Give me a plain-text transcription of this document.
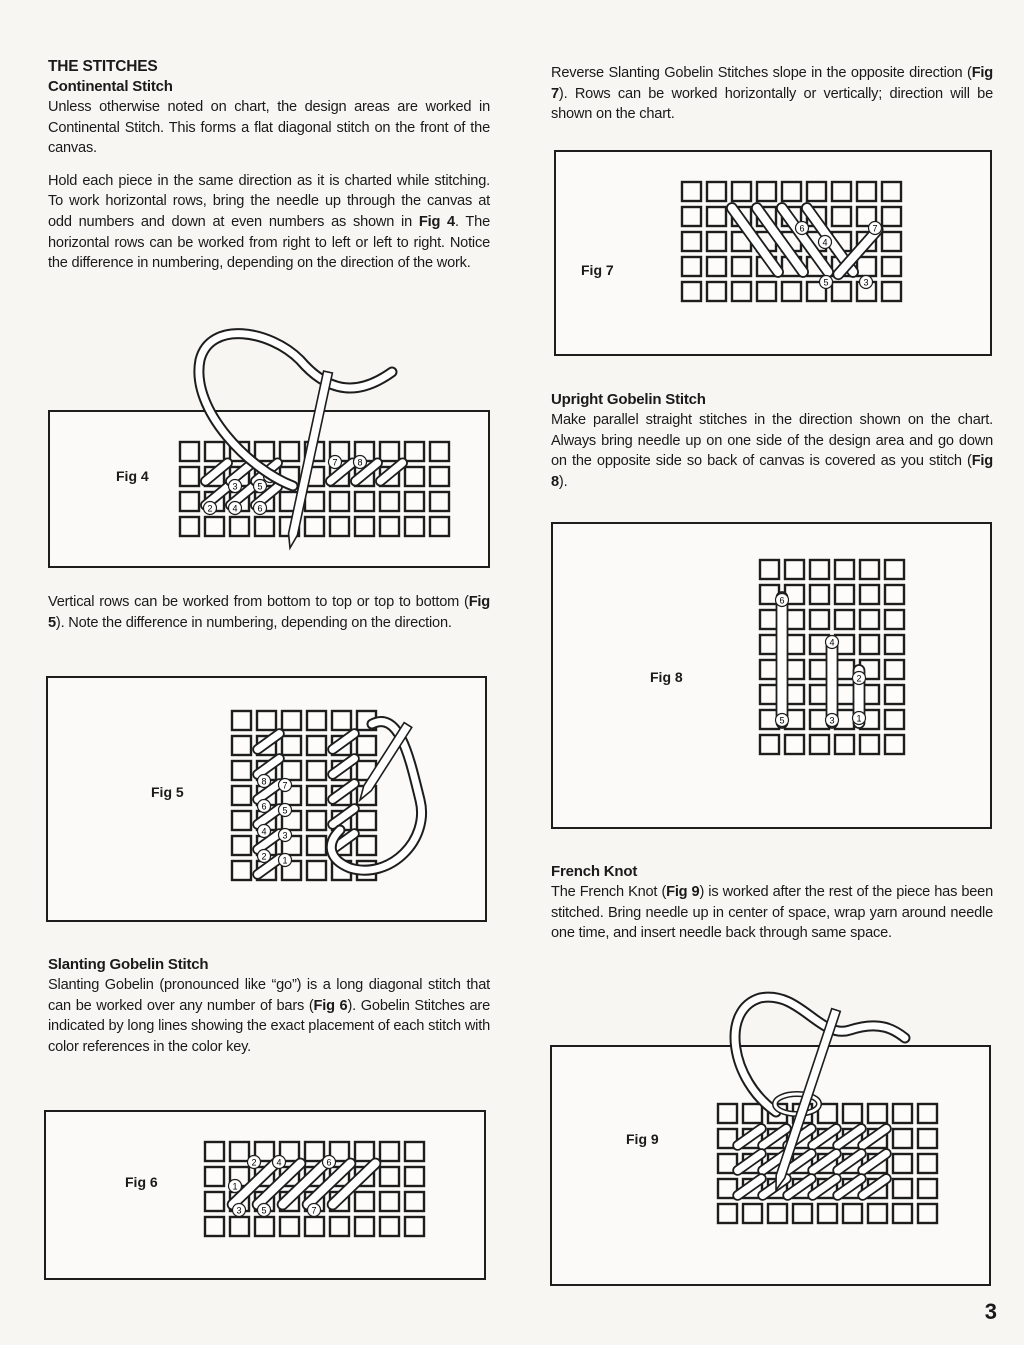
THE STITCHES
Continental Stitch

Unless otherwise noted on chart, the design areas are worked in Continental Stitch. This forms a flat diagonal stitch on the front of the canvas.

Hold each piece in the same direction as it is charted while stitching. To work horizontal rows, bring the needle up through the canvas at odd numbers and down at even numbers as shown in Fig 4. The horizontal rows can be worked from right to left or left to right. Notice the difference in numbering, depending on the direction of the work.

Fig 4

Vertical rows can be worked from bottom to top or top to bottom (Fig 5). Note the difference in numbering, depending on the direction.

Fig 5
Slanting Gobelin Stitch

Slanting Gobelin (pronounced like “go”) is a long diagonal stitch that can be worked over any number of bars (Fig 6). Gobelin Stitches are indicated by long lines showing the exact placement of each stitch with color references in the color key.

Fig 6

Reverse Slanting Gobelin Stitches slope in the opposite direction (Fig 7). Rows can be worked horizontally or vertically; direction will be shown on the chart.

Fig 7
Upright Gobelin Stitch

Make parallel straight stitches in the direction shown on the chart. Always bring needle up on one side of the design area and go down on the opposite side so back of canvas is covered as you stitch (Fig 8).

Fig 8
French Knot

The French Knot (Fig 9) is worked after the rest of the piece has been stitched. Bring needle up in center of space, wrap yarn around needle one time, and insert needle back through same space.

Fig 9
3
2 4 6
3 5
1
7 8
8
6
4
2
5
3
7
1
1
2
3
4
5
6
7
6
4
5	3
7
6
5
4
3
2
1
